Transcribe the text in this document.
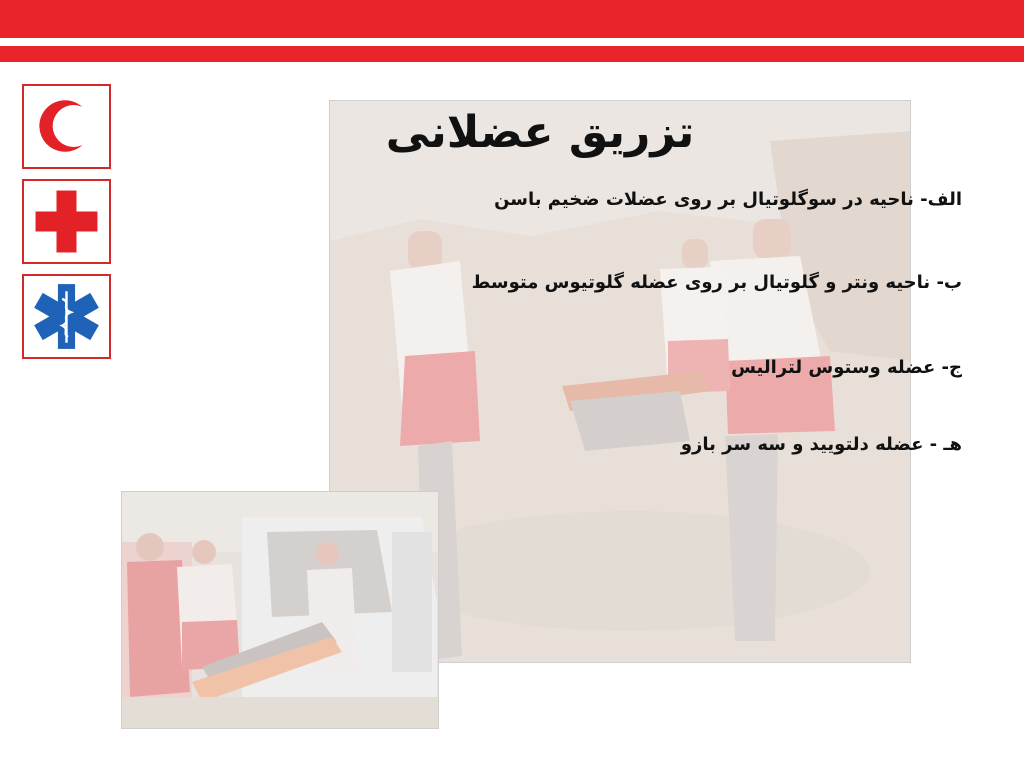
تزریق عضلانی
الف- ناحیه در سوگلوتیال بر روی عضلات ضخیم باسن
ب- ناحیه ونتر و گلوتیال بر روی عضله گلوتیوس متوسط
ج- عضله وستوس لترالیس
هـ - عضله دلتویید و سه سر بازو
